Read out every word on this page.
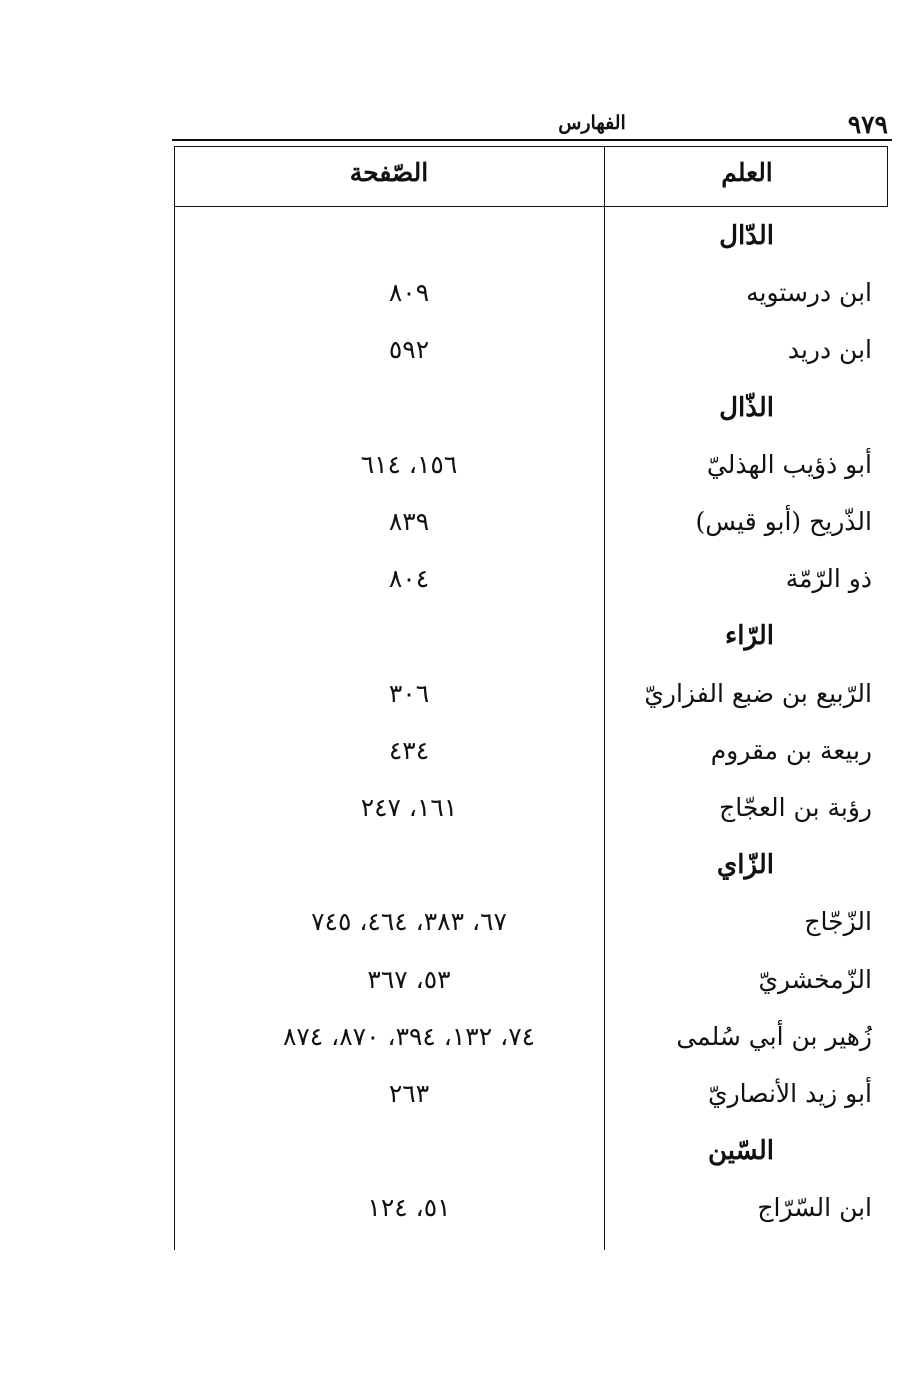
٩٧٩
الفهارس
العلم
الصّفحة
الدّال
ابن درستويه
٨٠٩
ابن دريد
٥٩٢
الذّال
أبو ذؤيب الهذليّ
١٥٦، ٦١٤
الذّريح (أبو قيس)
٨٣٩
ذو الرّمّة
٨٠٤
الرّاء
الرّبيع بن ضبع الفزاريّ
٣٠٦
ربيعة بن مقروم
٤٣٤
رؤبة بن العجّاج
١٦١، ٢٤٧
الزّاي
الزّجّاج
٦٧، ٣٨٣، ٤٦٤، ٧٤٥
الزّمخشريّ
٥٣، ٣٦٧
زُهير بن أبي سُلمى
٧٤، ١٣٢، ٣٩٤، ٨٧٠، ٨٧٤
أبو زيد الأنصاريّ
٢٦٣
السّين
ابن السّرّاج
٥١، ١٢٤
